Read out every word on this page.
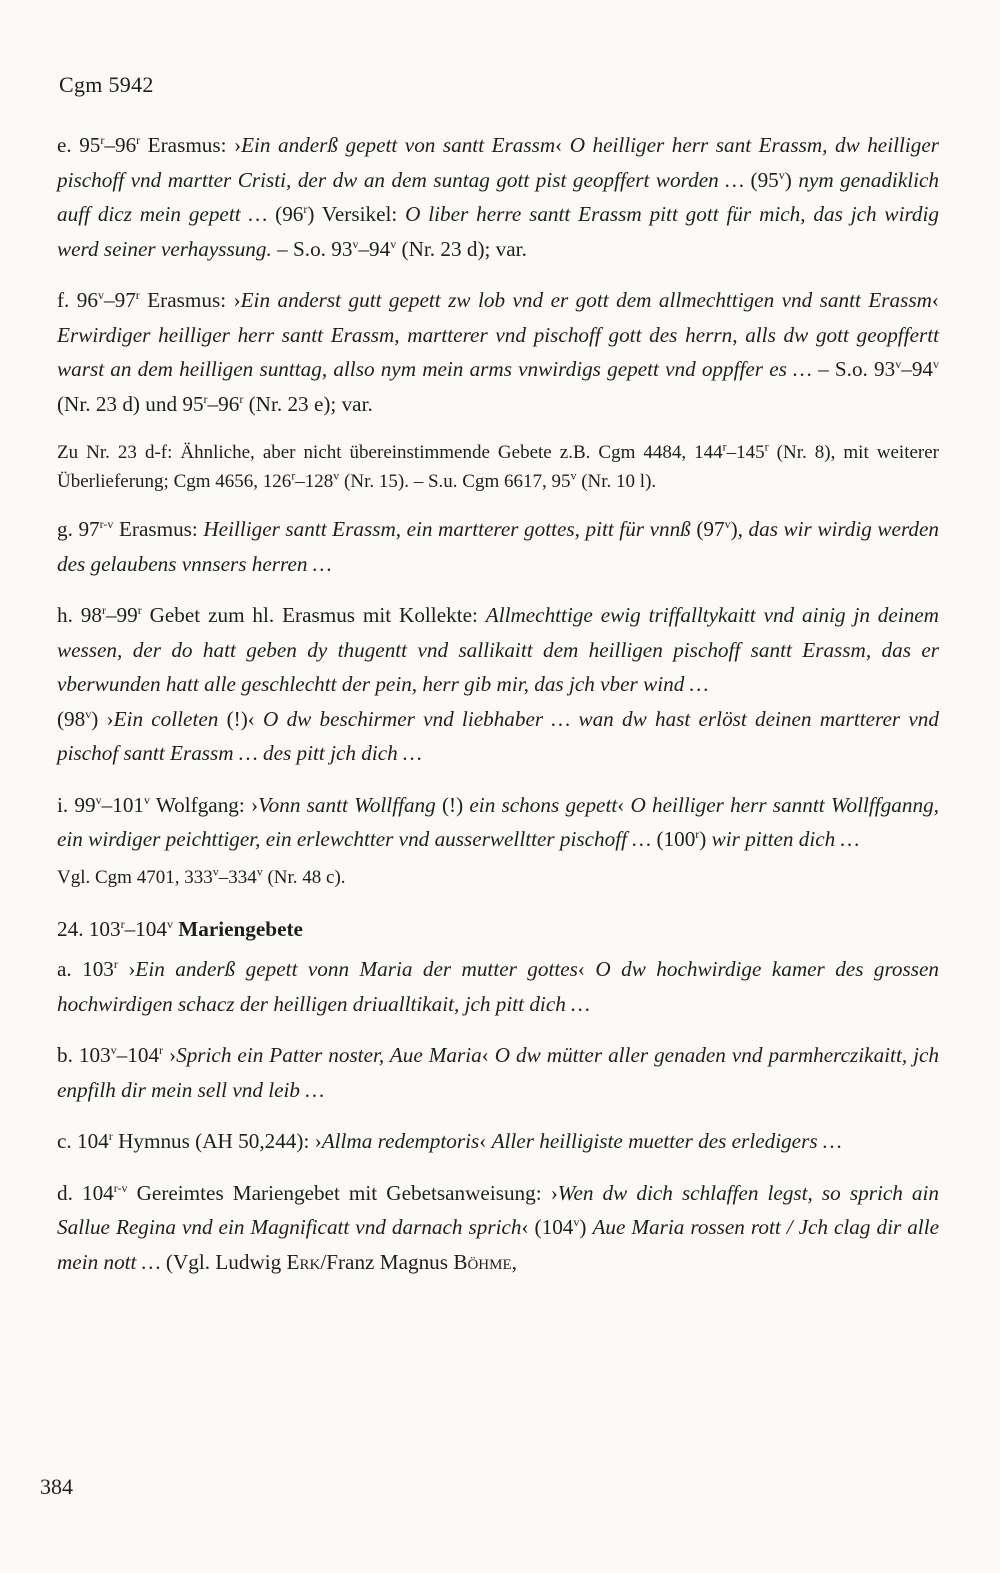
Cgm 5942

e. 95$^r$–96$^r$ Erasmus: ›Ein anderß gepett von santt Erassm‹ O heilliger herr sant Erassm, dw heilliger pischoff vnd martter Cristi, der dw an dem suntag gott pist geopffert worden … (95$^v$) nym genadiklich auff dicz mein gepett … (96$^r$) Versikel: O liber herre santt Erassm pitt gott für mich, das jch wirdig werd seiner verhayssung. – S.o. 93$^v$–94$^v$ (Nr. 23 d); var.

f. 96$^v$–97$^r$ Erasmus: ›Ein anderst gutt gepett zw lob vnd er gott dem allmechttigen vnd santt Erassm‹ Erwirdiger heilliger herr santt Erassm, martterer vnd pischoff gott des herrn, alls dw gott geopffertt warst an dem heilligen sunttag, allso nym mein arms vnwirdigs gepett vnd oppffer es … – S.o. 93$^v$–94$^v$ (Nr. 23 d) und 95$^r$–96$^r$ (Nr. 23 e); var.

Zu Nr. 23 d-f: Ähnliche, aber nicht übereinstimmende Gebete z.B. Cgm 4484, 144$^r$–145$^r$ (Nr. 8), mit weiterer Überlieferung; Cgm 4656, 126$^r$–128$^v$ (Nr. 15). – S.u. Cgm 6617, 95$^v$ (Nr. 10 l).

g. 97$^{r-v}$ Erasmus: Heilliger santt Erassm, ein martterer gottes, pitt für vnnß (97$^v$), das wir wirdig werden des gelaubens vnnsers herren …

h. 98$^r$–99$^r$ Gebet zum hl. Erasmus mit Kollekte: Allmechttige ewig triffalltykaitt vnd ainig jn deinem wessen, der do hatt geben dy thugentt vnd sallikaitt dem heilligen pischoff santt Erassm, das er vberwunden hatt alle geschlechtt der pein, herr gib mir, das jch vber wind …
(98$^v$) ›Ein colleten (!)‹ O dw beschirmer vnd liebhaber … wan dw hast erlöst deinen martterer vnd pischof santt Erassm … des pitt jch dich …

i. 99$^v$–101$^v$ Wolfgang: ›Vonn santt Wollffang (!) ein schons gepett‹ O heilliger herr sanntt Wollffganng, ein wirdiger peichttiger, ein erlewchtter vnd ausserwelltter pischoff … (100$^r$) wir pitten dich …

Vgl. Cgm 4701, 333$^v$–334$^v$ (Nr. 48 c).

24. 103$^r$–104$^v$ Mariengebete

a. 103$^r$ ›Ein anderß gepett vonn Maria der mutter gottes‹ O dw hochwirdige kamer des grossen hochwirdigen schacz der heilligen driualltikait, jch pitt dich …

b. 103$^v$–104$^r$ ›Sprich ein Patter noster, Aue Maria‹ O dw mütter aller genaden vnd parmherczikaitt, jch enpfilh dir mein sell vnd leib …

c. 104$^r$ Hymnus (AH 50,244): ›Allma redemptoris‹ Aller heilligiste muetter des erledigers …

d. 104$^{r-v}$ Gereimtes Mariengebet mit Gebetsanweisung: ›Wen dw dich schlaffen legst, so sprich ain Sallue Regina vnd ein Magnificatt vnd darnach sprich‹ (104$^v$) Aue Maria rossen rott / Jch clag dir alle mein nott … (Vgl. Ludwig Erk/Franz Magnus Böhme,

384
